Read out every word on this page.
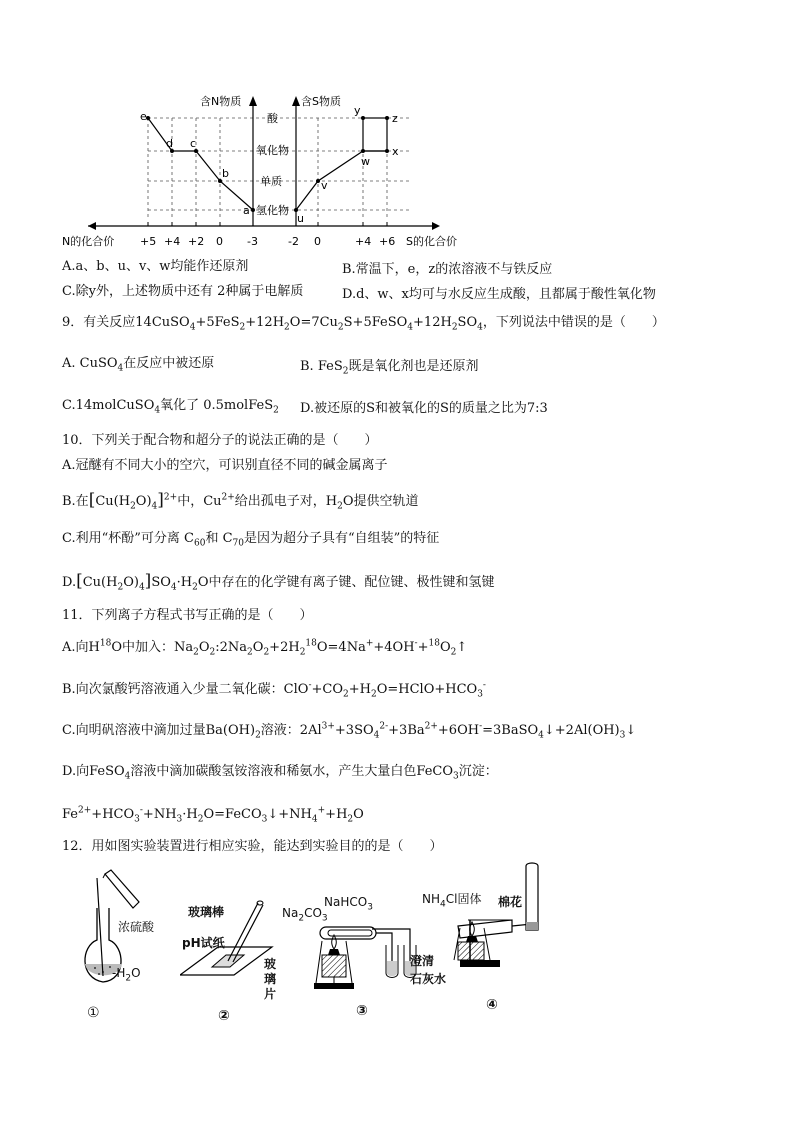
e
d c
b
a
u
v
w
x
y
z
含N物质	含S物质
酸
氧化物
单质
氢化物
N的化合价 +5 +4 +2 0 -3	-2 0	+4 +6 S的化合价
A.a、b、u、v、w均能作还原剂	B.常温下，e，z的浓溶液不与铁反应
C.除y外，上述物质中还有 2种属于电解质	D.d、w、x均可与水反应生成酸，且都属于酸性氧化物
9．有关反应$14CuSO_4+5FeS_2+12H_2O=7Cu_2S+5FeSO_4+12H_2SO_4$，下列说法中错误的是（　　）
A. CuSO$_4$在反应中被还原	B. FeS$_2$既是氧化剂也是还原剂
C.14molCuSO$_4$氧化了 0.5molFeS$_2$ D.被还原的S和被氧化的S的质量之比为7:3
10．下列关于配合物和超分子的说法正确的是（　　）
A.冠醚有不同大小的空穴，可识别直径不同的碱金属离子
B.在$[Cu(H_2O)_4]^{2+}$中，$Cu^{2+}$给出孤电子对，$H_2O$提供空轨道
C.利用“杯酚”可分离 $C_{60}$和 $C_{70}$是因为超分子具有“自组装”的特征
$D.[Cu(H_2O)_4]SO_4\cdot H_2O$中存在的化学键有离子键、配位键、极性键和氢键
11．下列离子方程式书写正确的是（　　）
A.向$H^{18}O$中加入：$Na_2O_2:2Na_2O_2+2H_2^{18}O=4Na^++4OH^-+^{18}O_2↑$
B.向次氯酸钙溶液通入少量二氧化碳：$ClO^-+CO_2+H_2O=HClO+HCO_3^-$
C.向明矾溶液中滴加过量$Ba(OH)_2$溶液：$2Al^{3+}+3SO_4^{2-}+3Ba^{2+}+6OH^-=3BaSO_4↓+2Al(OH)_3↓$
D.向FeSO$_4$溶液中滴加碳酸氢铵溶液和稀氨水，产生大量白色FeCO$_3$沉淀：
$Fe^{2+}+HCO_3^-+NH_3\cdot H_2O=FeCO_3↓+NH_4^++H_2O$
12．用如图实验装置进行相应实验，能达到实验目的的是（　　）
浓硫酸
$-H_2O$
玻璃棒
pH试纸
玻
璃
片
$Na_2CO_3$
NaHCO$_3$
澄清
石灰水
$NH_4Cl$固体 棉花
①	②	③	④
